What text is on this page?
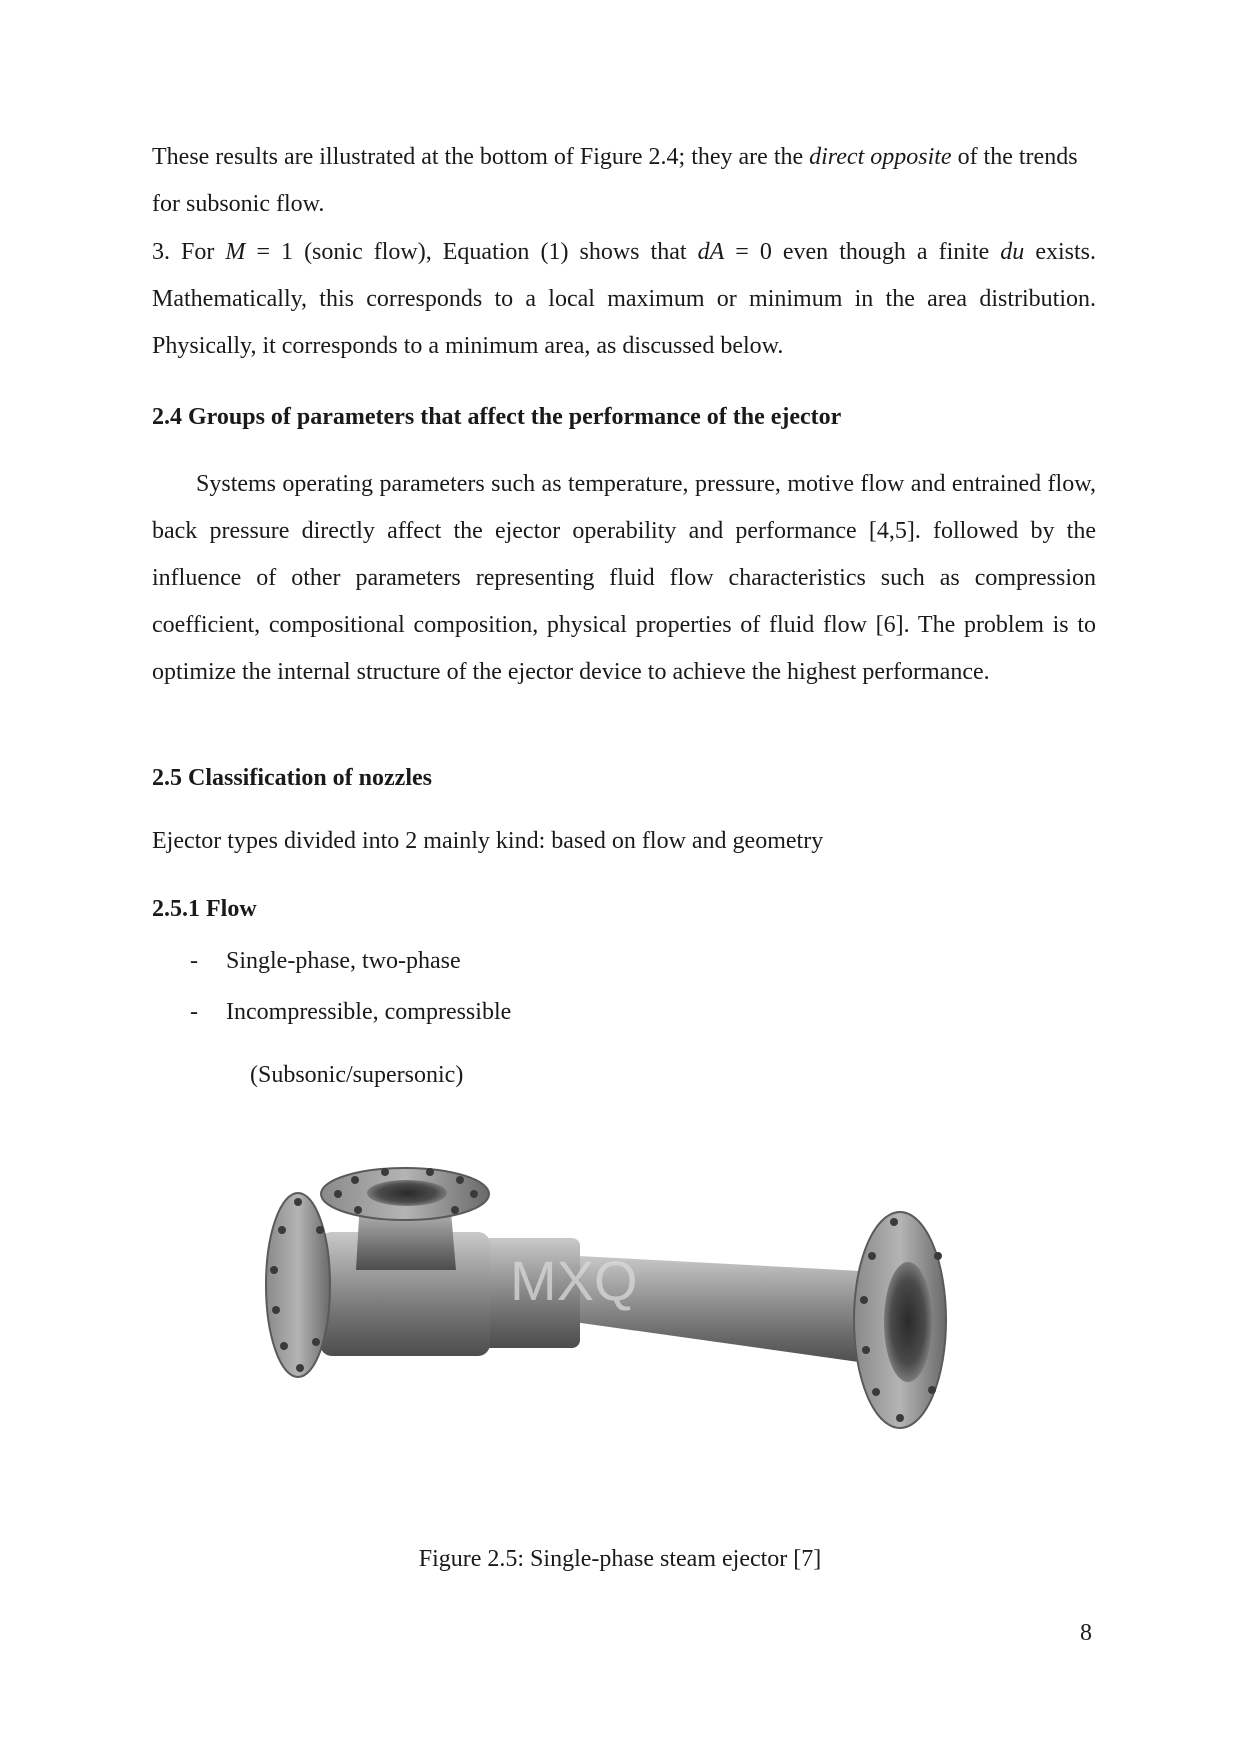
These results are illustrated at the bottom of Figure 2.4; they are the direct opposite of the trends for subsonic flow.

3. For M = 1 (sonic flow), Equation (1) shows that dA = 0 even though a finite du exists. Mathematically, this corresponds to a local maximum or minimum in the area distribution. Physically, it corresponds to a minimum area, as discussed below.

2.4 Groups of parameters that affect the performance of the ejector

Systems operating parameters such as temperature, pressure, motive flow and entrained flow, back pressure directly affect the ejector operability and performance [4,5]. followed by the influence of other parameters representing fluid flow characteristics such as compression coefficient, compositional composition, physical properties of fluid flow [6]. The problem is to optimize the internal structure of the ejector device to achieve the highest performance.

2.5 Classification of nozzles

Ejector types divided into 2 mainly kind: based on flow and geometry

2.5.1 Flow
- Single-phase, two-phase
- Incompressible, compressible
(Subsonic/supersonic)
MXQ
Figure 2.5: Single-phase steam ejector [7]
8
